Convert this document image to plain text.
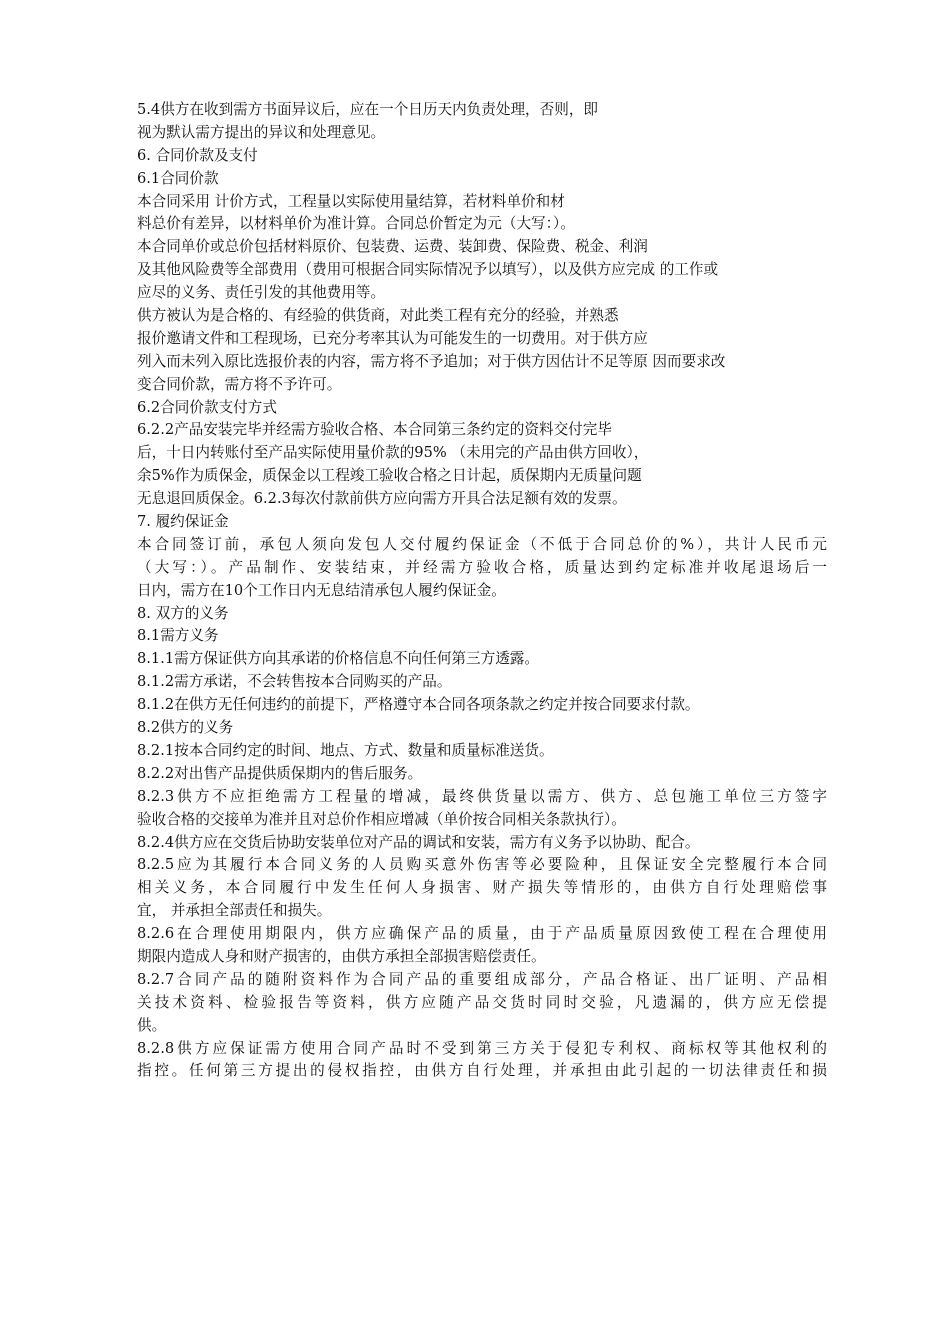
5.4供方在收到需方书面异议后，应在一个日历天内负责处理，否则，即
视为默认需方提出的异议和处理意见。
6. 合同价款及支付
6.1合同价款
本合同采用 计价方式，工程量以实际使用量结算，若材料单价和材
料总价有差异，以材料单价为准计算。合同总价暂定为元（大写：）。
本合同单价或总价包括材料原价、包装费、运费、装卸费、保险费、税金、利润
及其他风险费等全部费用（费用可根据合同实际情况予以填写），以及供方应完成 的工作或
应尽的义务、责任引发的其他费用等。
供方被认为是合格的、有经验的供货商，对此类工程有充分的经验，并熟悉
报价邀请文件和工程现场，已充分考率其认为可能发生的一切费用。对于供方应
列入而未列入原比选报价表的内容，需方将不予追加；对于供方因估计不足等原 因而要求改
变合同价款，需方将不予许可。
6.2合同价款支付方式
6.2.2产品安装完毕并经需方验收合格、本合同第三条约定的资料交付完毕
后，十日内转账付至产品实际使用量价款的95% （未用完的产品由供方回收），
余5%作为质保金，质保金以工程竣工验收合格之日计起，质保期内无质量问题
无息退回质保金。6.2.3每次付款前供方应向需方开具合法足额有效的发票。
7. 履约保证金
本合同签订前，承包人须向发包人交付履约保证金（不低于合同总价的%），共计人民币元
（大写：）。产品制作、安装结束，并经需方验收合格，质量达到约定标准并收尾退场后一
日内，需方在10个工作日内无息结清承包人履约保证金。
8. 双方的义务
8.1需方义务
8.1.1需方保证供方向其承诺的价格信息不向任何第三方透露。
8.1.2需方承诺，不会转售按本合同购买的产品。
8.1.2在供方无任何违约的前提下，严格遵守本合同各项条款之约定并按合同要求付款。
8.2供方的义务
8.2.1按本合同约定的时间、地点、方式、数量和质量标准送货。
8.2.2对出售产品提供质保期内的售后服务。
8.2.3供方不应拒绝需方工程量的增减，最终供货量以需方、供方、总包施工单位三方签字
验收合格的交接单为准并且对总价作相应增减（单价按合同相关条款执行）。
8.2.4供方应在交货后协助安装单位对产品的调试和安装，需方有义务予以协助、配合。
8.2.5应为其履行本合同义务的人员购买意外伤害等必要险种，且保证安全完整履行本合同
相关义务，本合同履行中发生任何人身损害、财产损失等情形的，由供方自行处理赔偿事
宜， 并承担全部责任和损失。
8.2.6在合理使用期限内，供方应确保产品的质量，由于产品质量原因致使工程在合理使用
期限内造成人身和财产损害的，由供方承担全部损害赔偿责任。
8.2.7合同产品的随附资料作为合同产品的重要组成部分，产品合格证、出厂证明、产品相
关技术资料、检验报告等资料，供方应随产品交货时同时交验，凡遗漏的，供方应无偿提
供。
8.2.8供方应保证需方使用合同产品时不受到第三方关于侵犯专利权、商标权等其他权利的
指控。任何第三方提出的侵权指控，由供方自行处理，并承担由此引起的一切法律责任和损
